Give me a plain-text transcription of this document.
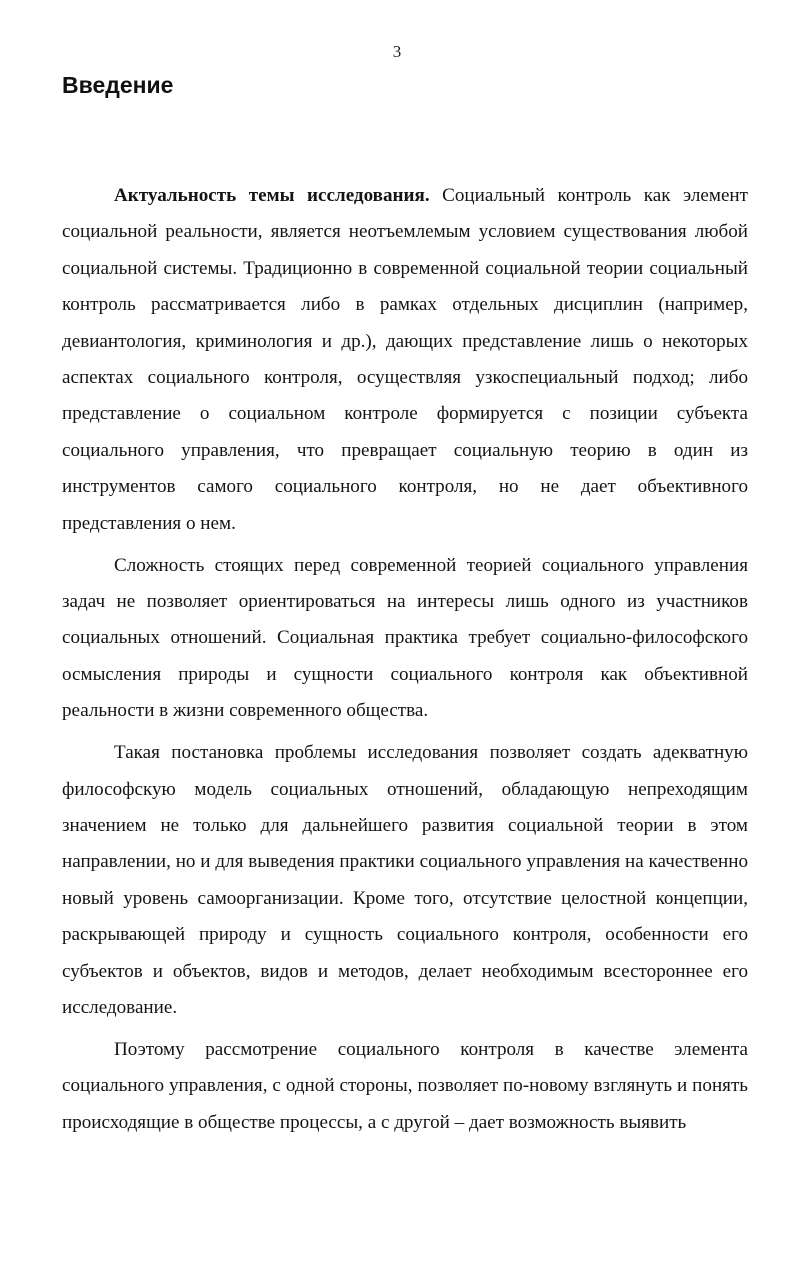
3
Введение

Актуальность темы исследования. Социальный контроль как элемент социальной реальности, является неотъемлемым условием существования любой социальной системы. Традиционно в современной социальной теории социальный контроль рассматривается либо в рамках отдельных дисциплин (например, девиантология, криминология и др.), дающих представление лишь о некоторых аспектах социального контроля, осуществляя узкоспециальный подход; либо представление о социальном контроле формируется с позиции субъекта социального управления, что превращает социальную теорию в один из инструментов самого социального контроля, но не дает объективного представления о нем.

Сложность стоящих перед современной теорией социального управления задач не позволяет ориентироваться на интересы лишь одного из участников социальных отношений. Социальная практика требует социально-философского осмысления природы и сущности социального контроля как объективной реальности в жизни современного общества.

Такая постановка проблемы исследования позволяет создать адекватную философскую модель социальных отношений, обладающую непреходящим значением не только для дальнейшего развития социальной теории в этом направлении, но и для выведения практики социального управления на качественно новый уровень самоорганизации. Кроме того, отсутствие целостной концепции, раскрывающей природу и сущность социального контроля, особенности его субъектов и объектов, видов и методов, делает необходимым всестороннее его исследование.

Поэтому рассмотрение социального контроля в качестве элемента социального управления, с одной стороны, позволяет по-новому взглянуть и понять происходящие в обществе процессы, а с другой – дает возможность выявить
